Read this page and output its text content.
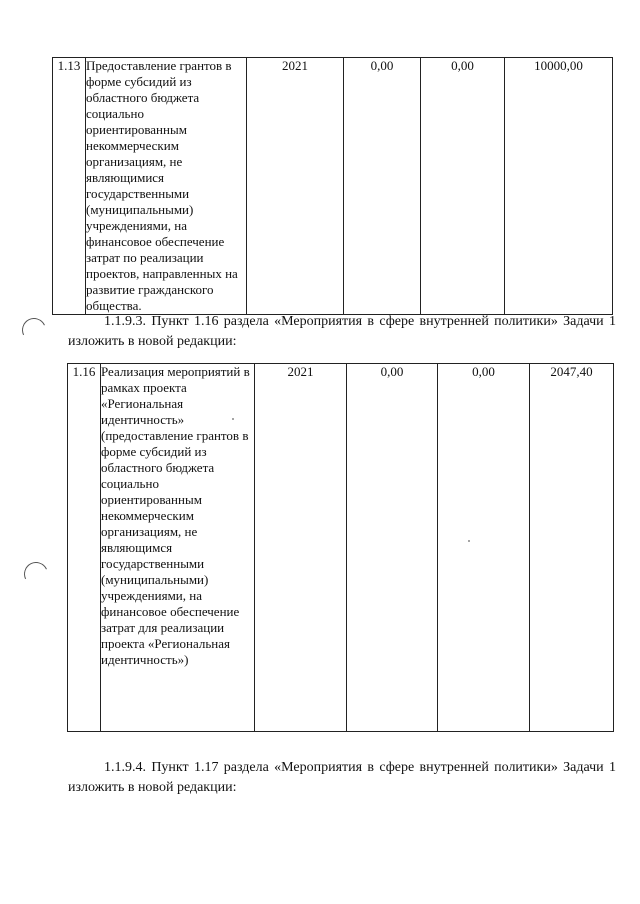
1.13	Предоставление грантов в форме субсидий из областного бюджета социально ориентированным некоммерческим организациям, не являющимися государственными (муниципальными) учреждениями, на финансовое обеспечение затрат по реализации проектов, направленных на развитие гражданского общества.	2021	0,00	0,00	10000,00

1.1.9.3. Пункт 1.16 раздела «Мероприятия в сфере внутренней политики» Задачи 1 изложить в новой редакции:

1.16	Реализация мероприятий в рамках проекта «Региональная идентичность» (предоставление грантов в форме субсидий из областного бюджета социально ориентированным некоммерческим организациям, не являющимся государственными (муниципальными) учреждениями, на финансовое обеспечение затрат для реализации проекта «Региональная идентичность»)	2021	0,00	0,00	2047,40

1.1.9.4. Пункт 1.17 раздела «Мероприятия в сфере внутренней политики» Задачи 1 изложить в новой редакции:
